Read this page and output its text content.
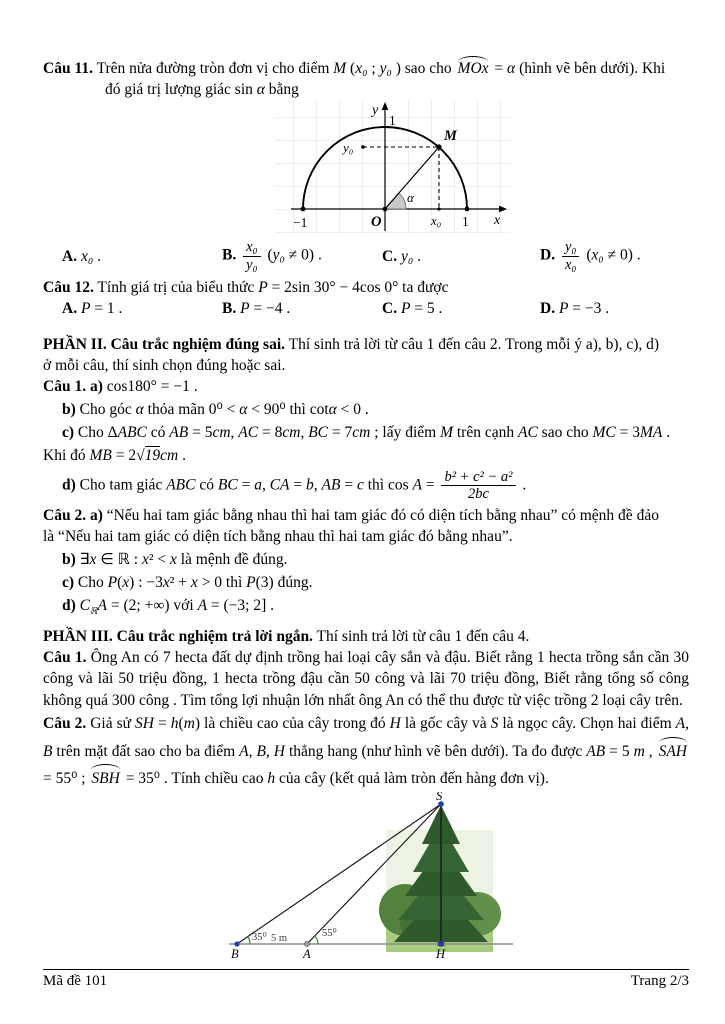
Câu 11. Trên nửa đường tròn đơn vị cho điểm M (x₀ ; y₀ ) sao cho MOx = α (hình vẽ bên dưới). Khi

đó giá trị lượng giác sin α bằng

y
x
1
O
−1	1
x₀
y₀
M
α
A. x₀ .	B. $\frac{\text{x₀}}{\text{y₀}} (y_0 \ne 0)$ .	C. y₀ .	D. $\frac{\text{y₀}}{\text{x₀}} (x_0 \ne 0)$ .

Câu 12. Tính giá trị của biểu thức P = 2sin 30° − 4cos 0° ta được

A. P = 1 .	B. P = −4 .	C. P = 5 .	D. P = −3 .

PHẦN II. Câu trắc nghiệm đúng sai. Thí sinh trả lời từ câu 1 đến câu 2. Trong mỗi ý a), b), c), d)

ở mỗi câu, thí sinh chọn đúng hoặc sai.

Câu 1. a) cos180° = −1 .

b) Cho góc α thỏa mãn 0⁰ < α < 90⁰ thì cotα < 0 .

c) Cho ΔABC có AB = 5cm, AC = 8cm, BC = 7cm ; lấy điểm M trên cạnh AC sao cho MC = 3MA .

Khi đó MB = 2√19cm .

d) Cho tam giác ABC có BC = a, CA = b, AB = c thì $\cos A = \frac{\text{b² + c² − a²}}{2bc}$ .

Câu 2. a) “Nếu hai tam giác bằng nhau thì hai tam giác đó có diện tích bằng nhau” có mệnh đề đảo

là “Nếu hai tam giác có diện tích bằng nhau thì hai tam giác đó bằng nhau”.

b) ∃x ∈ ℝ : x² < x là mệnh đề đúng.

c) Cho P(x) : −3x² + x > 0 thì P(3) đúng.

d) $C_ℝA = (2$; +∞) với A = (−3; 2] .

PHẦN III. Câu trắc nghiệm trả lời ngắn. Thí sinh trả lời từ câu 1 đến câu 4.

Câu 1. Ông An có 7 hecta đất dự định trồng hai loại cây sắn và đậu. Biết rằng 1 hecta trồng sắn cần 30 công và lãi 50 triệu đồng, 1 hecta trồng đậu cần 50 công và lãi 70 triệu đồng, Biết rằng tổng số công không quá 300 công . Tìm tổng lợi nhuận lớn nhất ông An có thể thu được từ việc trồng 2 loại cây trên.

Câu 2. Giả sử SH = h(m) là chiều cao của cây trong đó H là gốc cây và S là ngọc cây. Chọn hai điểm A, B trên mặt đất sao cho ba điểm A, B, H thẳng hang (như hình vẽ bên dưới). Ta đo được AB = 5 m , SAH = 55⁰ ; SBH = 35⁰ . Tính chiều cao h của cây (kết quả làm tròn đến hàng đơn vị).

S
B	A	H
35⁰	55⁰
5 m
Mã đề 101	Trang 2/3
